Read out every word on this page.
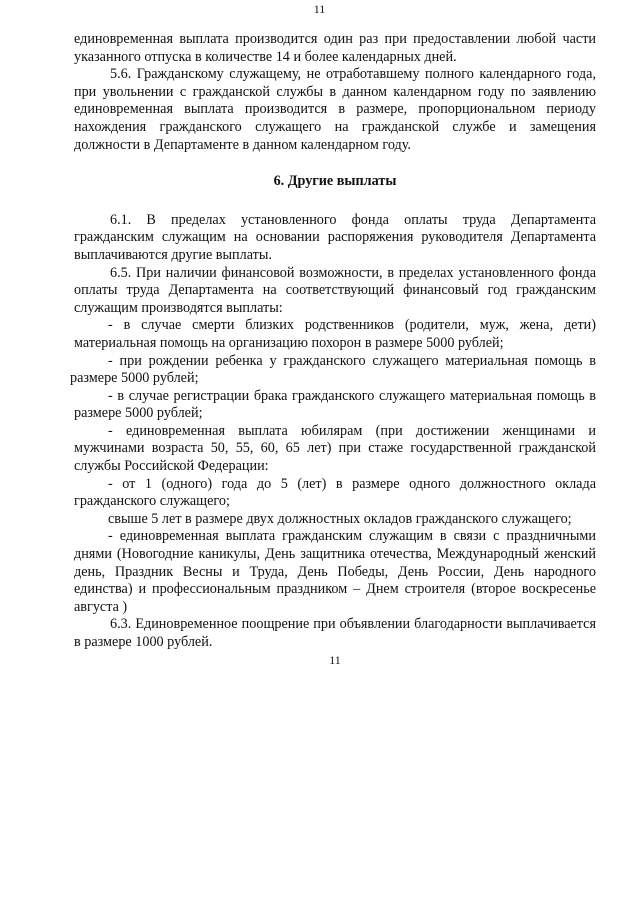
11

единовременная выплата производится один раз при предоставлении любой части указанного отпуска в количестве 14 и более календарных дней.

5.6. Гражданскому служащему, не отработавшему полного календарного года, при увольнении с гражданской службы в данном календарном году по заявлению единовременная выплата производится в размере, пропорциональном периоду нахождения гражданского служащего на гражданской службе и замещения должности в Департаменте в данном календарном году.

6. Другие выплаты

6.1. В пределах установленного фонда оплаты труда Департамента гражданским служащим на основании распоряжения руководителя Департамента выплачиваются другие выплаты.

6.5. При наличии финансовой возможности, в пределах установленного фонда оплаты труда Департамента на соответствующий финансовый год гражданским служащим производятся выплаты:

- в случае смерти близких родственников (родители, муж, жена, дети) материальная помощь на организацию похорон в размере 5000 рублей;

- при рождении ребенка у гражданского служащего материальная помощь в размере 5000 рублей;

- в случае регистрации брака гражданского служащего материальная помощь в размере 5000 рублей;

- единовременная выплата юбилярам (при достижении женщинами и мужчинами возраста 50, 55, 60, 65 лет) при стаже государственной гражданской службы Российской Федерации:

- от 1 (одного) года до 5 (лет) в размере одного должностного оклада гражданского служащего;

свыше 5 лет в размере двух должностных окладов гражданского служащего;

- единовременная выплата гражданским служащим в связи с праздничными днями (Новогодние каникулы, День защитника отечества, Международный женский день, Праздник Весны и Труда, День Победы, День России, День народного единства) и профессиональным праздником – Днем строителя (второе воскресенье августа )

6.3. Единовременное поощрение при объявлении благодарности выплачивается в размере 1000 рублей.

11
